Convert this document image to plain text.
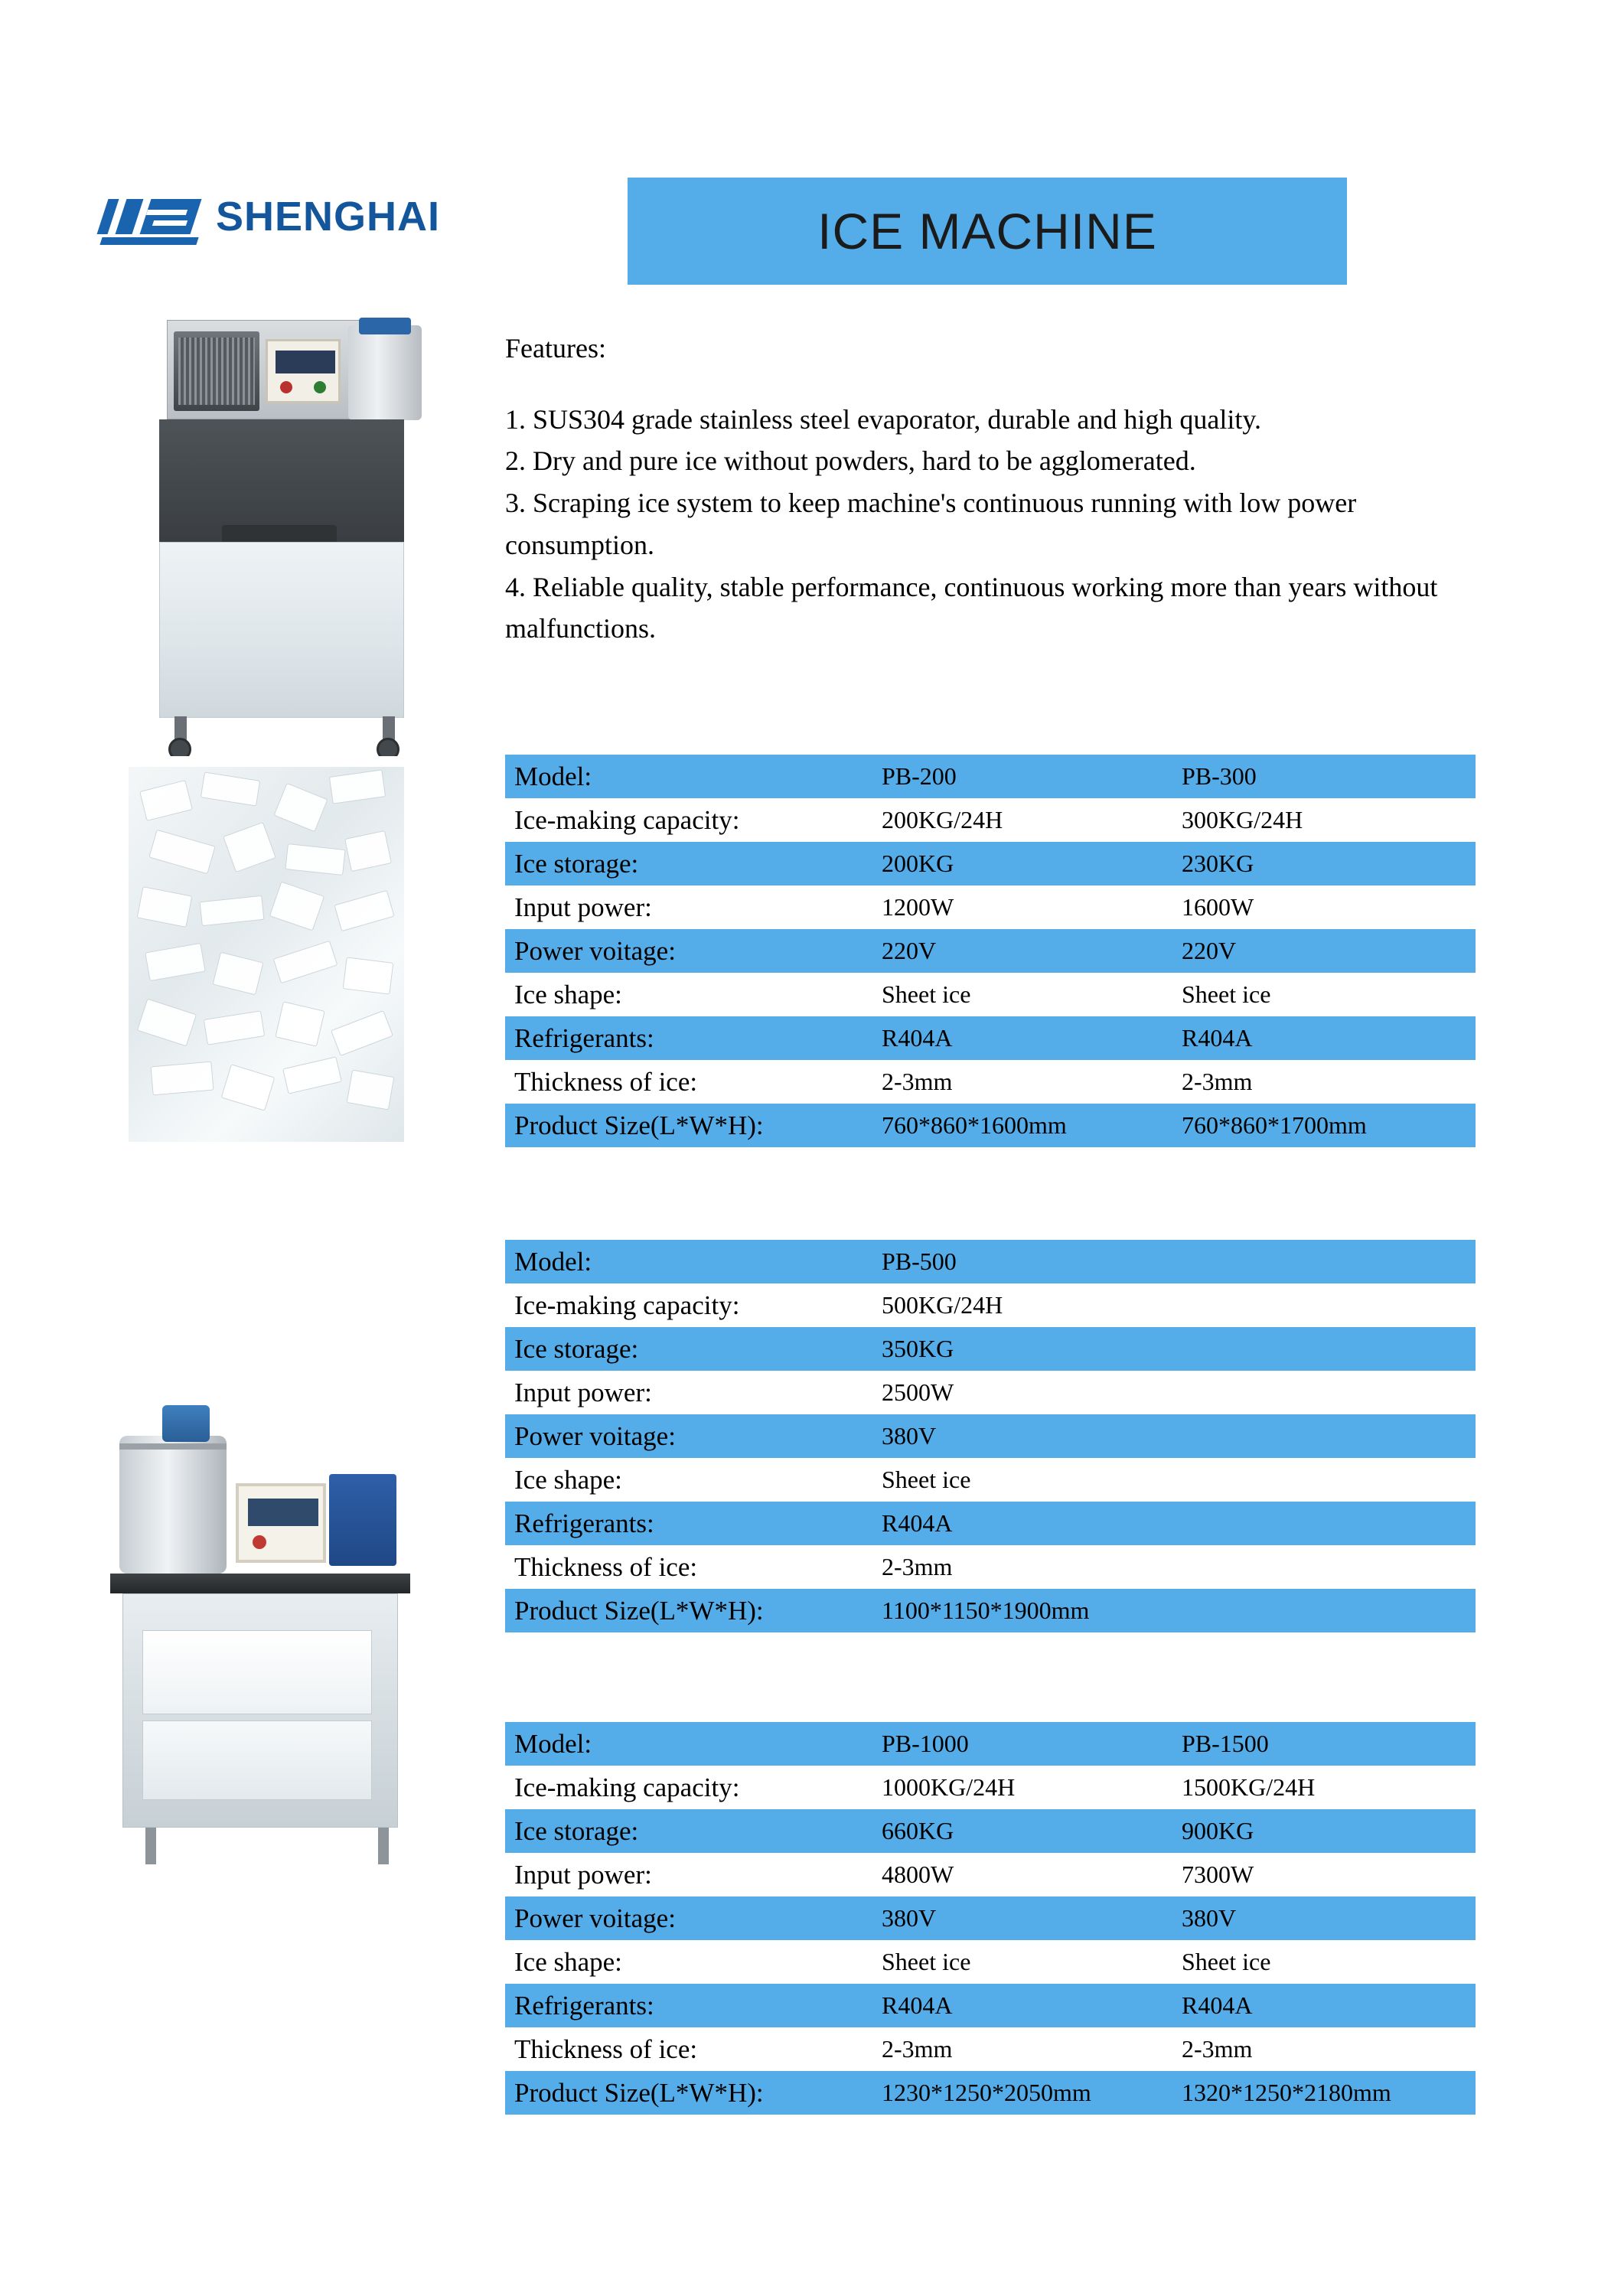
SHENGHAI	ICE MACHINE

Features:

1. SUS304 grade stainless steel evaporator, durable and high quality.

2. Dry and pure ice without powders, hard to be agglomerated.

3. Scraping ice system to keep machine's continuous running with low power consumption.

4. Reliable quality, stable performance, continuous working more than years without malfunctions.

Model:	PB-200	PB-300
Ice-making capacity:	200KG/24H	300KG/24H
Ice storage:	200KG	230KG
Input power:	1200W	1600W
Power voitage:	220V	220V
Ice shape:	Sheet ice	Sheet ice
Refrigerants:	R404A	R404A
Thickness of ice:	2-3mm	2-3mm
Product Size(L*W*H):	760*860*1600mm	760*860*1700mm
Model:	PB-500	
Ice-making capacity:	500KG/24H	
Ice storage:	350KG	
Input power:	2500W	
Power voitage:	380V	
Ice shape:	Sheet ice	
Refrigerants:	R404A	
Thickness of ice:	2-3mm	
Product Size(L*W*H):	1100*1150*1900mm	
Model:	PB-1000	PB-1500
Ice-making capacity:	1000KG/24H	1500KG/24H
Ice storage:	660KG	900KG
Input power:	4800W	7300W
Power voitage:	380V	380V
Ice shape:	Sheet ice	Sheet ice
Refrigerants:	R404A	R404A
Thickness of ice:	2-3mm	2-3mm
Product Size(L*W*H):	1230*1250*2050mm	1320*1250*2180mm
